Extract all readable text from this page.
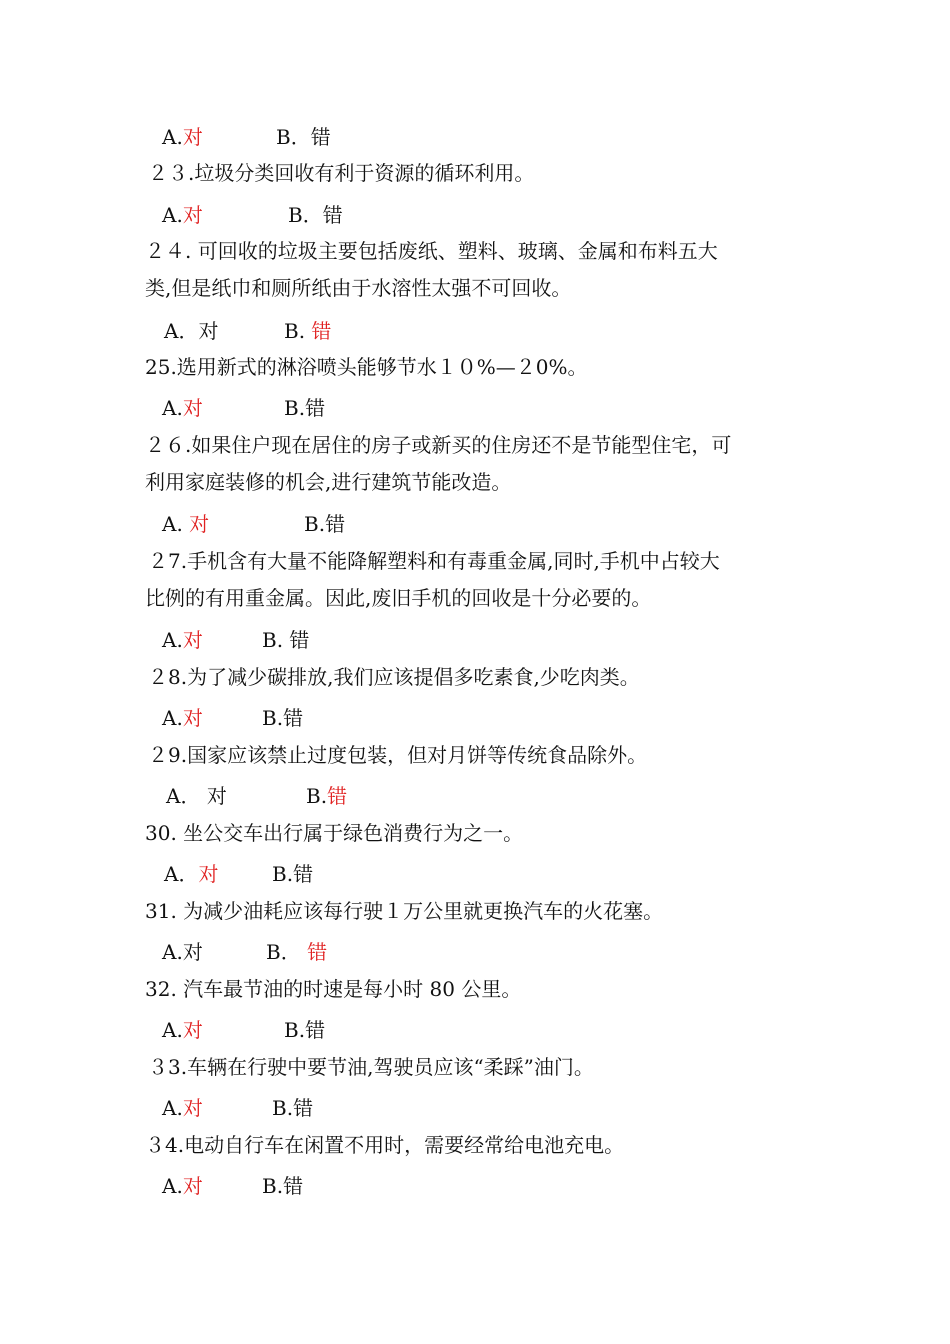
A.对	B．错
２３.垃圾分类回收有利于资源的循环利用。
A.对	B．错
２４. 可回收的垃圾主要包括废纸、塑料、玻璃、金属和布料五大
类,但是纸巾和厕所纸由于水溶性太强不可回收。
A．对	B. 错
25.选用新式的淋浴喷头能够节水１０%—２0%。
A.对	B.错
２６.如果住户现在居住的房子或新买的住房还不是节能型住宅，可
利用家庭装修的机会,进行建筑节能改造。
A. 对	B.错
２7.手机含有大量不能降解塑料和有毒重金属,同时,手机中占较大
比例的有用重金属。因此,废旧手机的回收是十分必要的。
A.对	B. 错
２8.为了减少碳排放,我们应该提倡多吃素食,少吃肉类。
A.对	B.错
２9.国家应该禁止过度包装，但对月饼等传统食品除外。
A． 对	B.错
30. 坐公交车出行属于绿色消费行为之一。
A．对	B.错
31. 为减少油耗应该每行驶１万公里就更换汽车的火花塞。
A.对	B． 错
32. 汽车最节油的时速是每小时 80 公里。
A.对	B.错
３3.车辆在行驶中要节油,驾驶员应该“柔踩”油门。
A.对	B.错
３4.电动自行车在闲置不用时，需要经常给电池充电。
A.对	B.错
